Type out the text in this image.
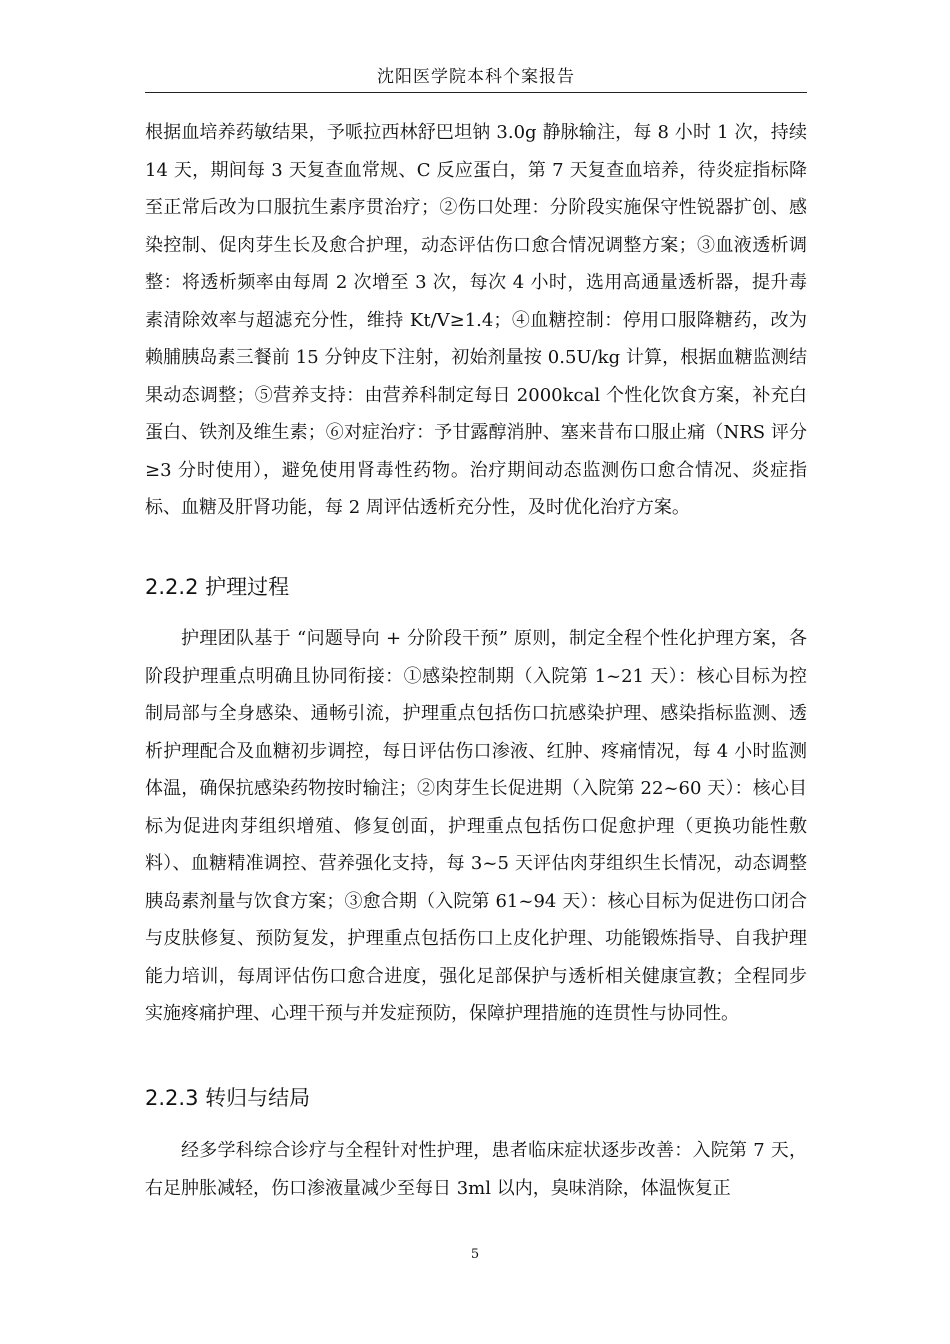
沈阳医学院本科个案报告

根据血培养药敏结果，予哌拉西林舒巴坦钠 3.0g 静脉输注，每 8 小时 1 次，持续 14 天，期间每 3 天复查血常规、C 反应蛋白，第 7 天复查血培养，待炎症指标降至正常后改为口服抗生素序贯治疗；②伤口处理：分阶段实施保守性锐器扩创、感染控制、促肉芽生长及愈合护理，动态评估伤口愈合情况调整方案；③血液透析调整：将透析频率由每周 2 次增至 3 次，每次 4 小时，选用高通量透析器，提升毒素清除效率与超滤充分性，维持 Kt/V≥1.4；④血糖控制：停用口服降糖药，改为赖脯胰岛素三餐前 15 分钟皮下注射，初始剂量按 0.5U/kg 计算，根据血糖监测结果动态调整；⑤营养支持：由营养科制定每日 2000kcal 个性化饮食方案，补充白蛋白、铁剂及维生素；⑥对症治疗：予甘露醇消肿、塞来昔布口服止痛（NRS 评分≥3 分时使用），避免使用肾毒性药物。治疗期间动态监测伤口愈合情况、炎症指标、血糖及肝肾功能，每 2 周评估透析充分性，及时优化治疗方案。

2.2.2 护理过程

护理团队基于 “问题导向 + 分阶段干预” 原则，制定全程个性化护理方案，各阶段护理重点明确且协同衔接：①感染控制期（入院第 1~21 天）：核心目标为控制局部与全身感染、通畅引流，护理重点包括伤口抗感染护理、感染指标监测、透析护理配合及血糖初步调控，每日评估伤口渗液、红肿、疼痛情况，每 4 小时监测体温，确保抗感染药物按时输注；②肉芽生长促进期（入院第 22~60 天）：核心目标为促进肉芽组织增殖、修复创面，护理重点包括伤口促愈护理（更换功能性敷料）、血糖精准调控、营养强化支持，每 3~5 天评估肉芽组织生长情况，动态调整胰岛素剂量与饮食方案；③愈合期（入院第 61~94 天）：核心目标为促进伤口闭合与皮肤修复、预防复发，护理重点包括伤口上皮化护理、功能锻炼指导、自我护理能力培训，每周评估伤口愈合进度，强化足部保护与透析相关健康宣教；全程同步实施疼痛护理、心理干预与并发症预防，保障护理措施的连贯性与协同性。

2.2.3 转归与结局

经多学科综合诊疗与全程针对性护理，患者临床症状逐步改善：入院第 7 天，右足肿胀减轻，伤口渗液量减少至每日 3ml 以内，臭味消除，体温恢复正

5
